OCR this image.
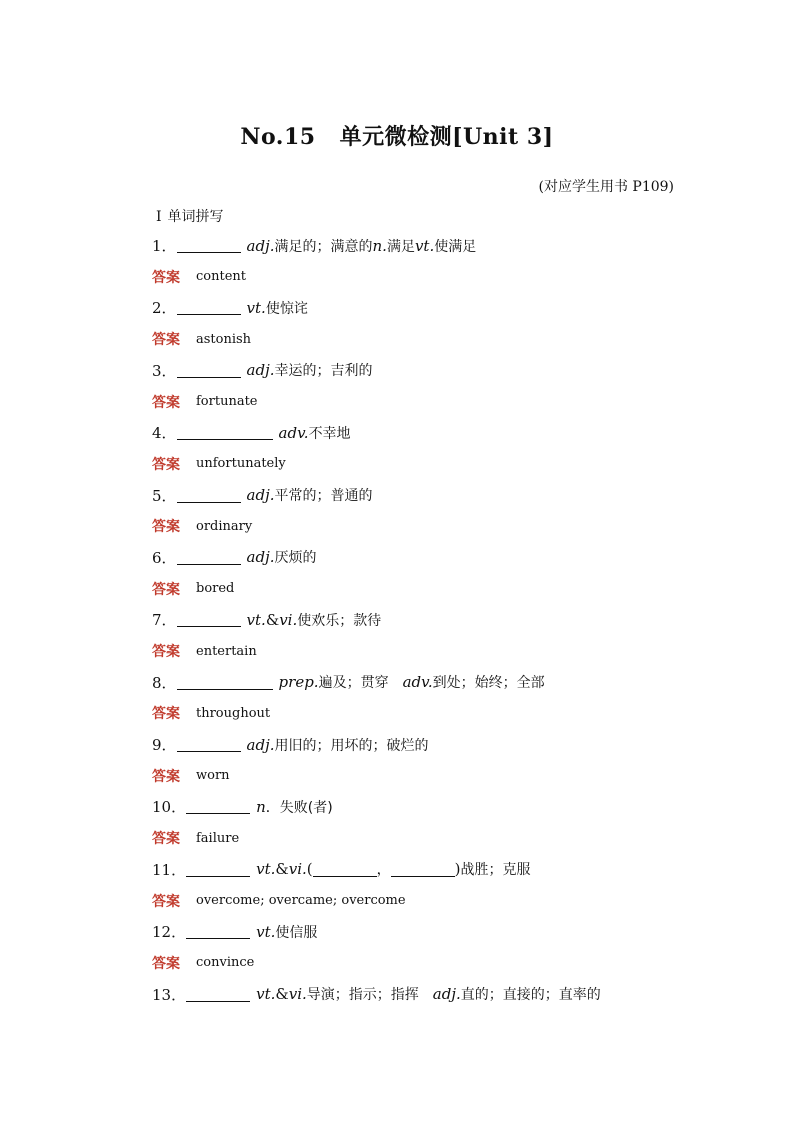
No.15 单元微检测[Unit 3]
(对应学生用书 P109)
Ⅰ 单词拼写
1．	adj. 满足的；满意的 n. 满足 vt. 使满足
答案 content
2．	vt. 使惊诧
答案 astonish
3．	adj. 幸运的；吉利的
答案 fortunate
4．	adv. 不幸地
答案 unfortunately
5．	adj. 平常的；普通的
答案 ordinary
6．	adj. 厌烦的
答案 bored
7．	vt. & vi. 使欢乐；款待
答案 entertain
8．	prep. 遍及；贯穿 adv. 到处；始终；全部
答案 throughout
9．	adj. 用旧的；用坏的；破烂的
答案 worn
10．	n ．失败(者)
答案 failure
11．	vt. & vi. (	，	) 战胜；克服
答案 overcome; overcame; overcome
12．	vt. 使信服
答案 convince
13．	vt. & vi. 导演；指示；指挥 adj. 直的；直接的；直率的
